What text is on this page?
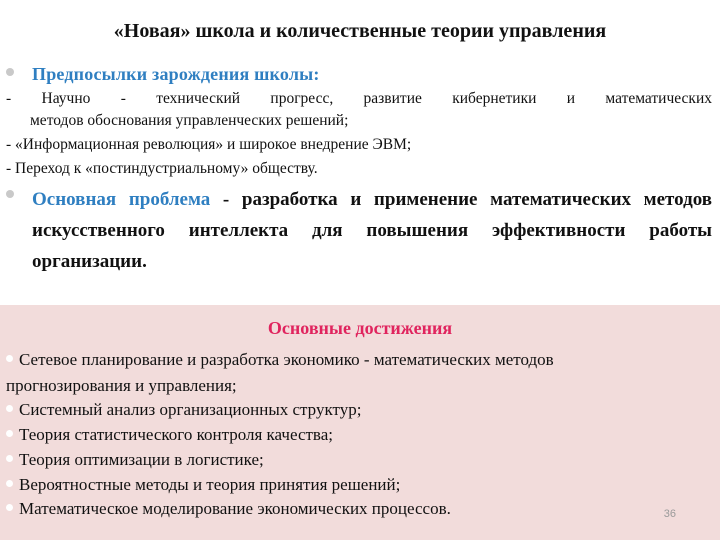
«Новая» школа и количественные теории управления
Предпосылки зарождения школы:
- Научно - технический прогресс, развитие кибернетики и математических
методов обоснования управленческих решений;
- «Информационная революция» и широкое внедрение ЭВМ;
- Переход к «постиндустриальному» обществу.
Основная проблема - разработка и применение математических методов искусственного интеллекта для повышения эффективности работы организации.
Основные достижения
Сетевое планирование и разработка экономико - математических методов
прогнозирования и управления;
Системный анализ организационных структур;
Теория статистического контроля качества;
Теория оптимизации в логистике;
Вероятностные методы и теория принятия решений;
Математическое моделирование экономических процессов.	36
